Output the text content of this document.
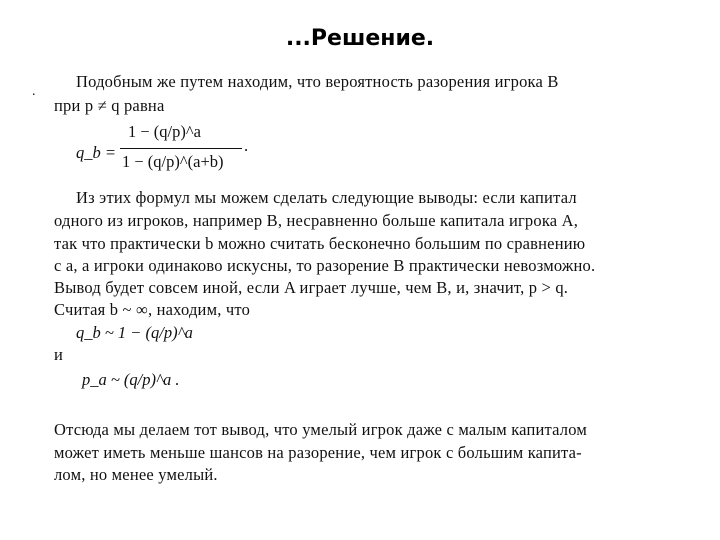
...Решение.
.
Подобным же путем находим, что вероятность разорения игрока B
при p ≠ q равна
q_b =
1 − (q/p)^a
1 − (q/p)^(a+b)
.
Из этих формул мы можем сделать следующие выводы: если капитал
одного из игроков, например B, несравненно больше капитала игрока A,
так что практически b можно считать бесконечно большим по сравнению
с a, а игроки одинаково искусны, то разорение B практически невозможно.
Вывод будет совсем иной, если A играет лучше, чем B, и, значит, p > q.
Считая b ~ ∞, находим, что
q_b ~ 1 − (q/p)^a
и
p_a ~ (q/p)^a .
Отсюда мы делаем тот вывод, что умелый игрок даже с малым капиталом
может иметь меньше шансов на разорение, чем игрок с большим капита-
лом, но менее умелый.
